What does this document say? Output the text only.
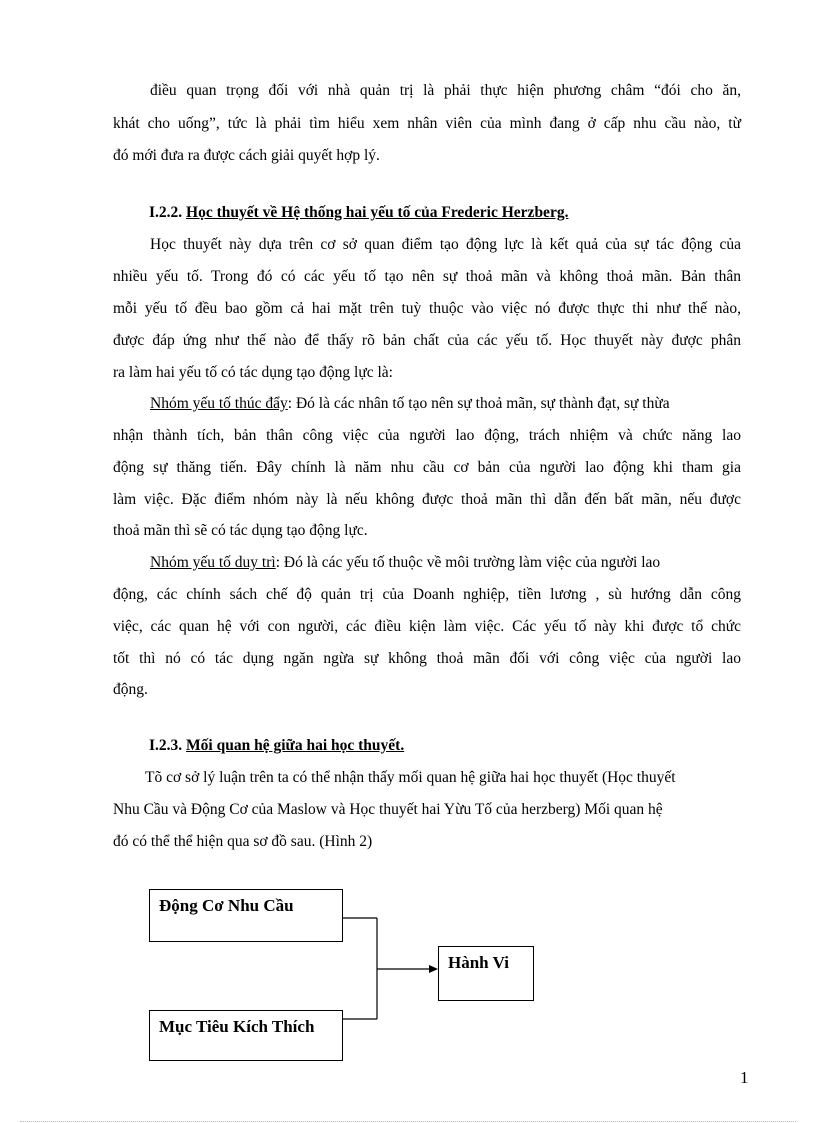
điều quan trọng đối với nhà quản trị là phải thực hiện phương châm “đói cho ăn,
khát cho uống”, tức là phải tìm hiểu xem nhân viên của mình đang ở cấp nhu cầu nào, từ
đó mới đưa ra được cách giải quyết hợp lý.
I.2.2. Học thuyết về Hệ thống hai yếu tố của Frederic Herzberg.
Học thuyết này dựa trên cơ sở quan điểm tạo động lực là kết quả của sự tác động của
nhiều yếu tố. Trong đó có các yếu tố tạo nên sự thoả mãn và không thoả mãn. Bản thân
mỗi yếu tố đều bao gồm cả hai mặt trên tuỳ thuộc vào việc nó được thực thi như thế nào,
được đáp ứng như thế nào để thấy rõ bản chất của các yếu tố. Học thuyết này được phân
ra làm hai yếu tố có tác dụng tạo động lực là:
Nhóm yếu tố thúc đẩy: Đó là các nhân tố tạo nên sự thoả mãn, sự thành đạt, sự thừa
nhận thành tích, bản thân công việc của người lao động, trách nhiệm và chức năng lao
động sự thăng tiến. Đây chính là năm nhu cầu cơ bản của người lao động khi tham gia
làm việc. Đặc điểm nhóm này là nếu không được thoả mãn thì dẫn đến bất mãn, nếu được
thoả mãn thì sẽ có tác dụng tạo động lực.
Nhóm yếu tố duy trì: Đó là các yếu tố thuộc về môi trường làm việc của người lao
động, các chính sách chế độ quản trị của Doanh nghiệp, tiền lương , sù hướng dẫn công
việc, các quan hệ với con người, các điều kiện làm việc. Các yếu tố này khi được tổ chức
tốt thì nó có tác dụng ngăn ngừa sự không thoả mãn đối với công việc của người lao
động.
I.2.3. Mối quan hệ giữa hai học thuyết.
Tõ cơ sở lý luận trên ta có thể nhận thấy mối quan hệ giữa hai học thuyết (Học thuyết
Nhu Cầu và Động Cơ của Maslow và Học thuyết hai Yừu Tố của herzberg) Mối quan hệ
đó có thể thể hiện qua sơ đồ sau. (Hình 2)
Động Cơ Nhu Cầu
Mục Tiêu Kích Thích
Hành Vi
1
